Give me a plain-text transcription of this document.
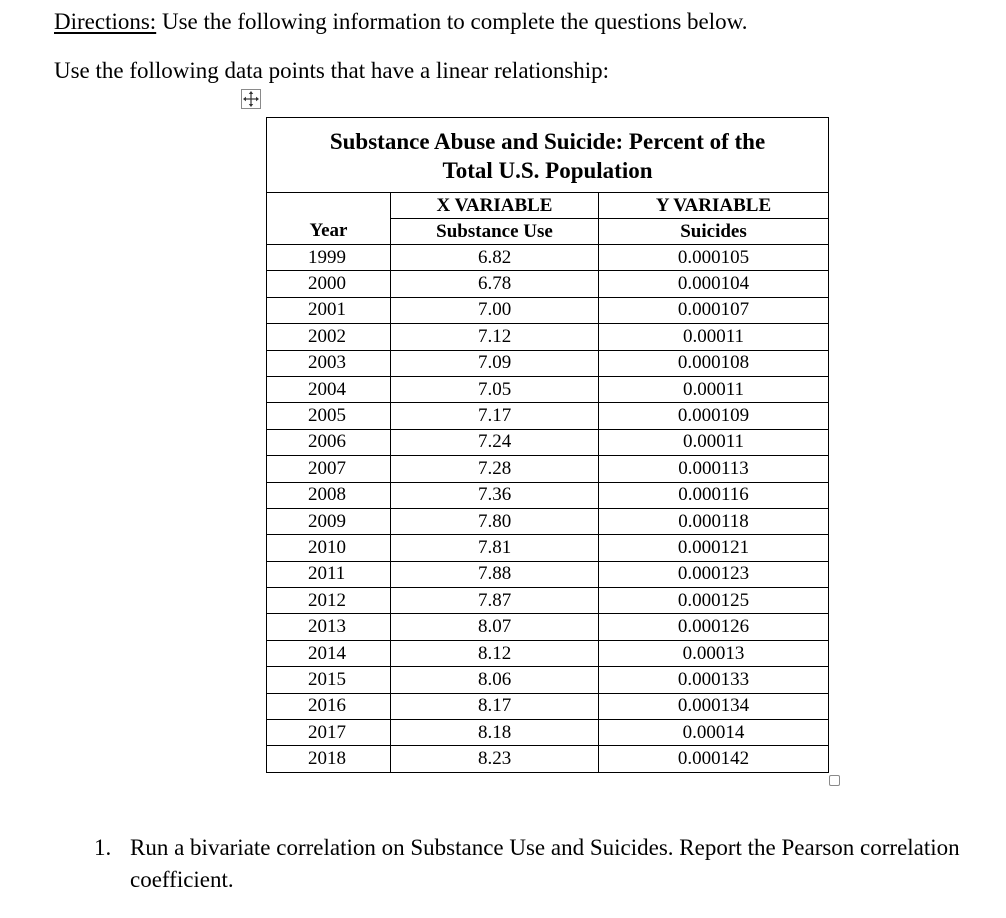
Directions: Use the following information to complete the questions below.
Use the following data points that have a linear relationship:
Substance Abuse and Suicide: Percent of the
Total U.S. Population		

	X VARIABLE	Y VARIABLE
Year	Substance Use	Suicides
1999	6.82	0.000105
2000	6.78	0.000104
2001	7.00	0.000107
2002	7.12	0.00011
2003	7.09	0.000108
2004	7.05	0.00011
2005	7.17	0.000109
2006	7.24	0.00011
2007	7.28	0.000113
2008	7.36	0.000116
2009	7.80	0.000118
2010	7.81	0.000121
2011	7.88	0.000123
2012	7.87	0.000125
2013	8.07	0.000126
2014	8.12	0.00013
2015	8.06	0.000133
2016	8.17	0.000134
2017	8.18	0.00014
2018	8.23	0.000142
1. Run a bivariate correlation on Substance Use and Suicides. Report the Pearson correlation coefficient.
